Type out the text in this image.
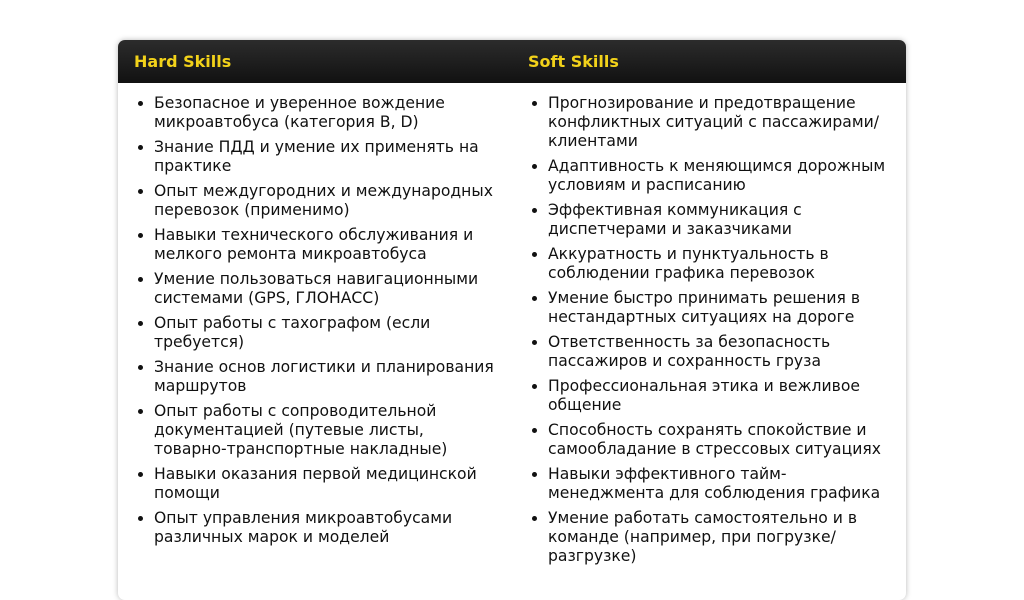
Hard Skills	Soft Skills
Безопасное и уверенное вождение микроавтобуса (категория B, D)
Знание ПДД и умение их применять на практике
Опыт междугородних и международных перевозок (применимо)
Навыки технического обслуживания и мелкого ремонта микроавтобуса
Умение пользоваться навигационными системами (GPS, ГЛОНАСС)
Опыт работы с тахографом (если требуется)
Знание основ логистики и планирования маршрутов
Опыт работы с сопроводительной документацией (путевые листы, товарно-транспортные накладные)
Навыки оказания первой медицинской помощи
Опыт управления микроавтобусами различных марок и моделей
Прогнозирование и предотвращение конфликтных ситуаций с пассажирами/клиентами
Адаптивность к меняющимся дорожным условиям и расписанию
Эффективная коммуникация с диспетчерами и заказчиками
Аккуратность и пунктуальность в соблюдении графика перевозок
Умение быстро принимать решения в нестандартных ситуациях на дороге
Ответственность за безопасность пассажиров и сохранность груза
Профессиональная этика и вежливое общение
Способность сохранять спокойствие и самообладание в стрессовых ситуациях
Навыки эффективного тайм-менеджмента для соблюдения графика
Умение работать самостоятельно и в команде (например, при погрузке/разгрузке)
